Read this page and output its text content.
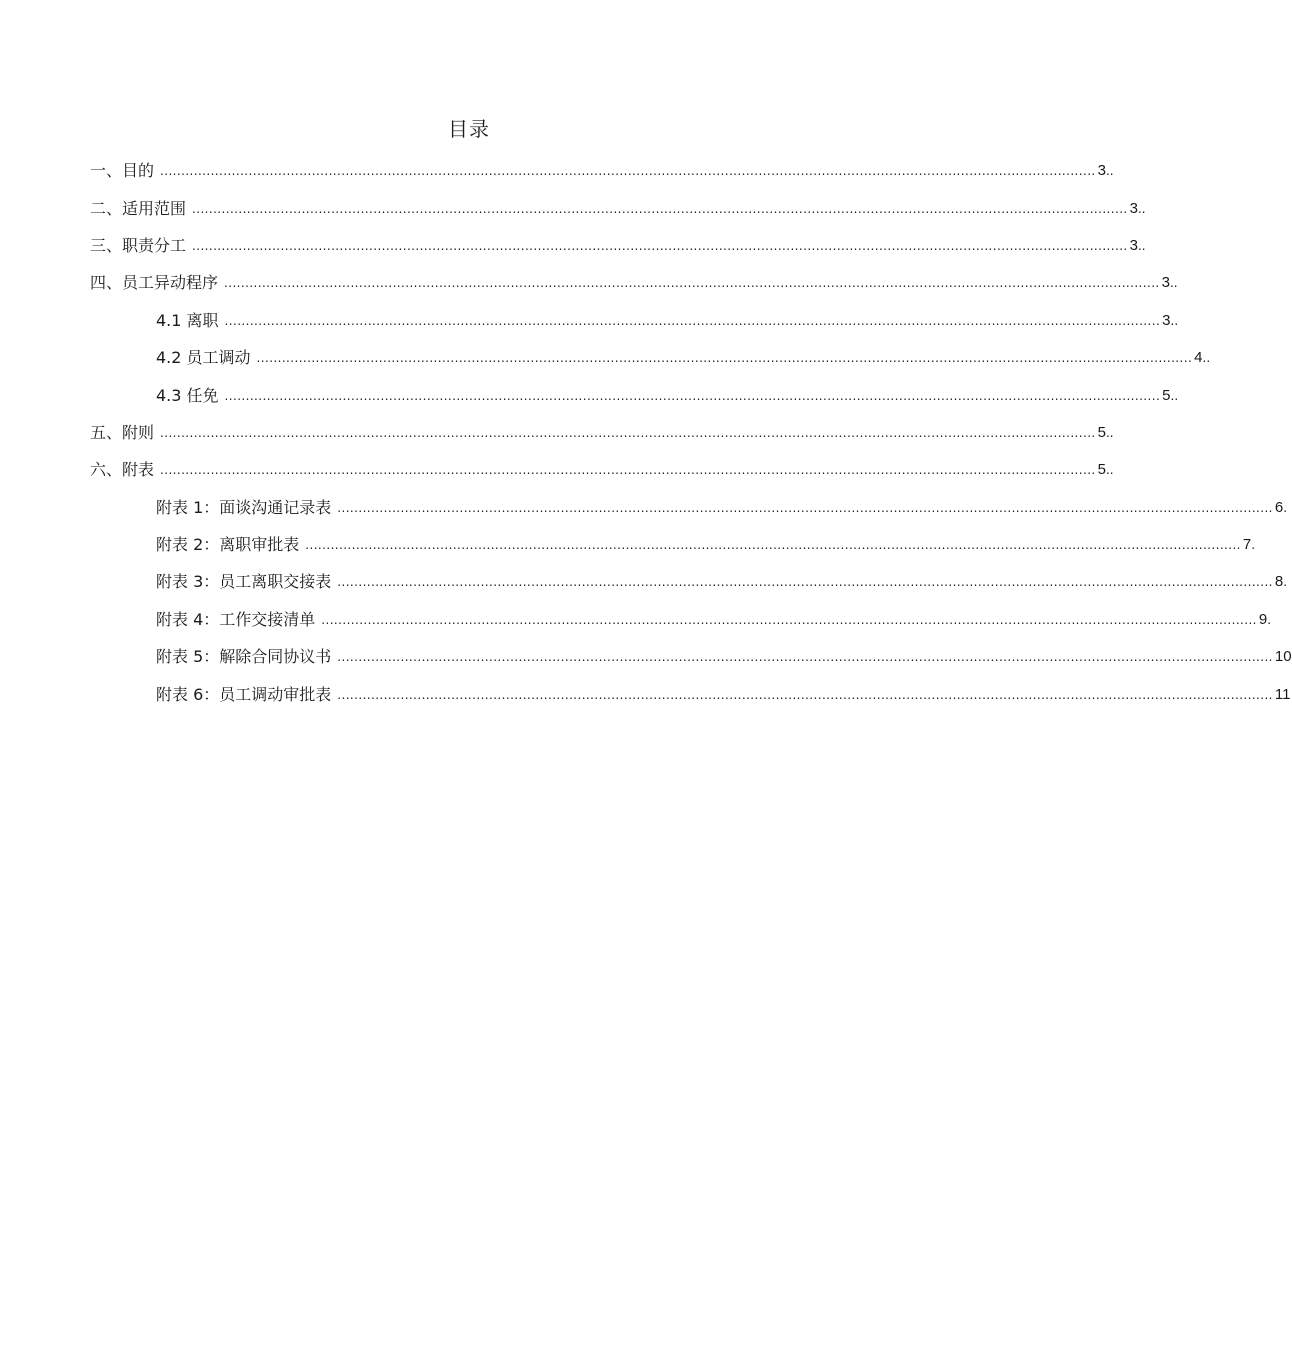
目录
一、目的 .............................................................................................................................................................................................................................. 3 ..
二、适用范围 .............................................................................................................................................................................................................................. 3 ..
三、职责分工 .............................................................................................................................................................................................................................. 3 ..
四、员工异动程序 .............................................................................................................................................................................................................................. 3 ..
4.1 离职 .............................................................................................................................................................................................................................. 3 ..
4.2 员工调动 .............................................................................................................................................................................................................................. 4 ..
4.3 任免 .............................................................................................................................................................................................................................. 5 ..
五、附则 .............................................................................................................................................................................................................................. 5 ..
六、附表 .............................................................................................................................................................................................................................. 5 ..
附表 1：面谈沟通记录表 .............................................................................................................................................................................................................................. 6 .
附表 2：离职审批表 .............................................................................................................................................................................................................................. 7 .
附表 3：员工离职交接表 .............................................................................................................................................................................................................................. 8 .
附表 4：工作交接清单 .............................................................................................................................................................................................................................. 9 .
附表 5：解除合同协议书 .............................................................................................................................................................................................................................. 10
附表 6：员工调动审批表 .............................................................................................................................................................................................................................. 11
